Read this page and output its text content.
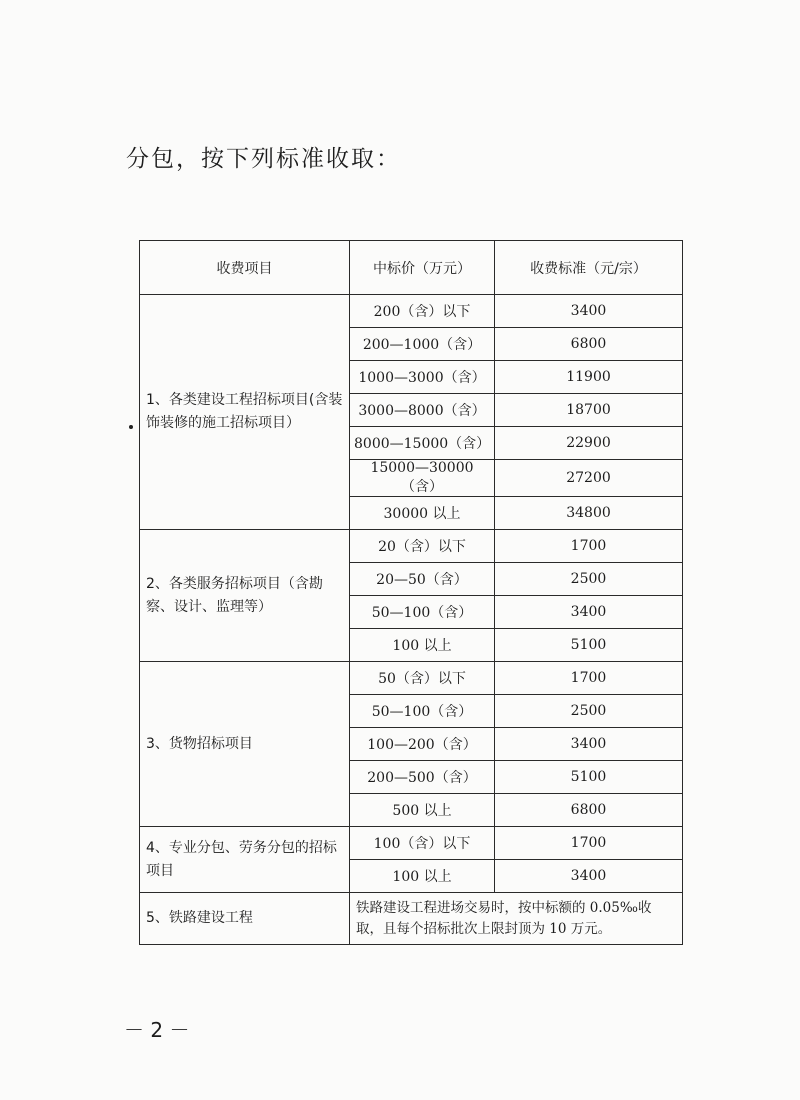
分包，按下列标准收取：
收费项目	中标价（万元）	收费标准（元/宗）
1、各类建设工程招标项目(含装饰装修的施工招标项目）	200（含）以下	3400
	200—1000（含）	6800
	1000—3000（含）	11900
	3000—8000（含）	18700
	8000—15000（含）	22900
	15000—30000（含）	27200
	30000 以上	34800
2、各类服务招标项目（含勘察、设计、监理等）	20（含）以下	1700
	20—50（含）	2500
	50—100（含）	3400
	100 以上	5100
3、货物招标项目	50（含）以下	1700
	50—100（含）	2500
	100—200（含）	3400
	200—500（含）	5100
	500 以上	6800
4、专业分包、劳务分包的招标项目	100（含）以下	1700
	100 以上	3400
5、铁路建设工程	铁路建设工程进场交易时，按中标额的 0.05‰收取，且每个招标批次上限封顶为 10 万元。	
－ 2 －
